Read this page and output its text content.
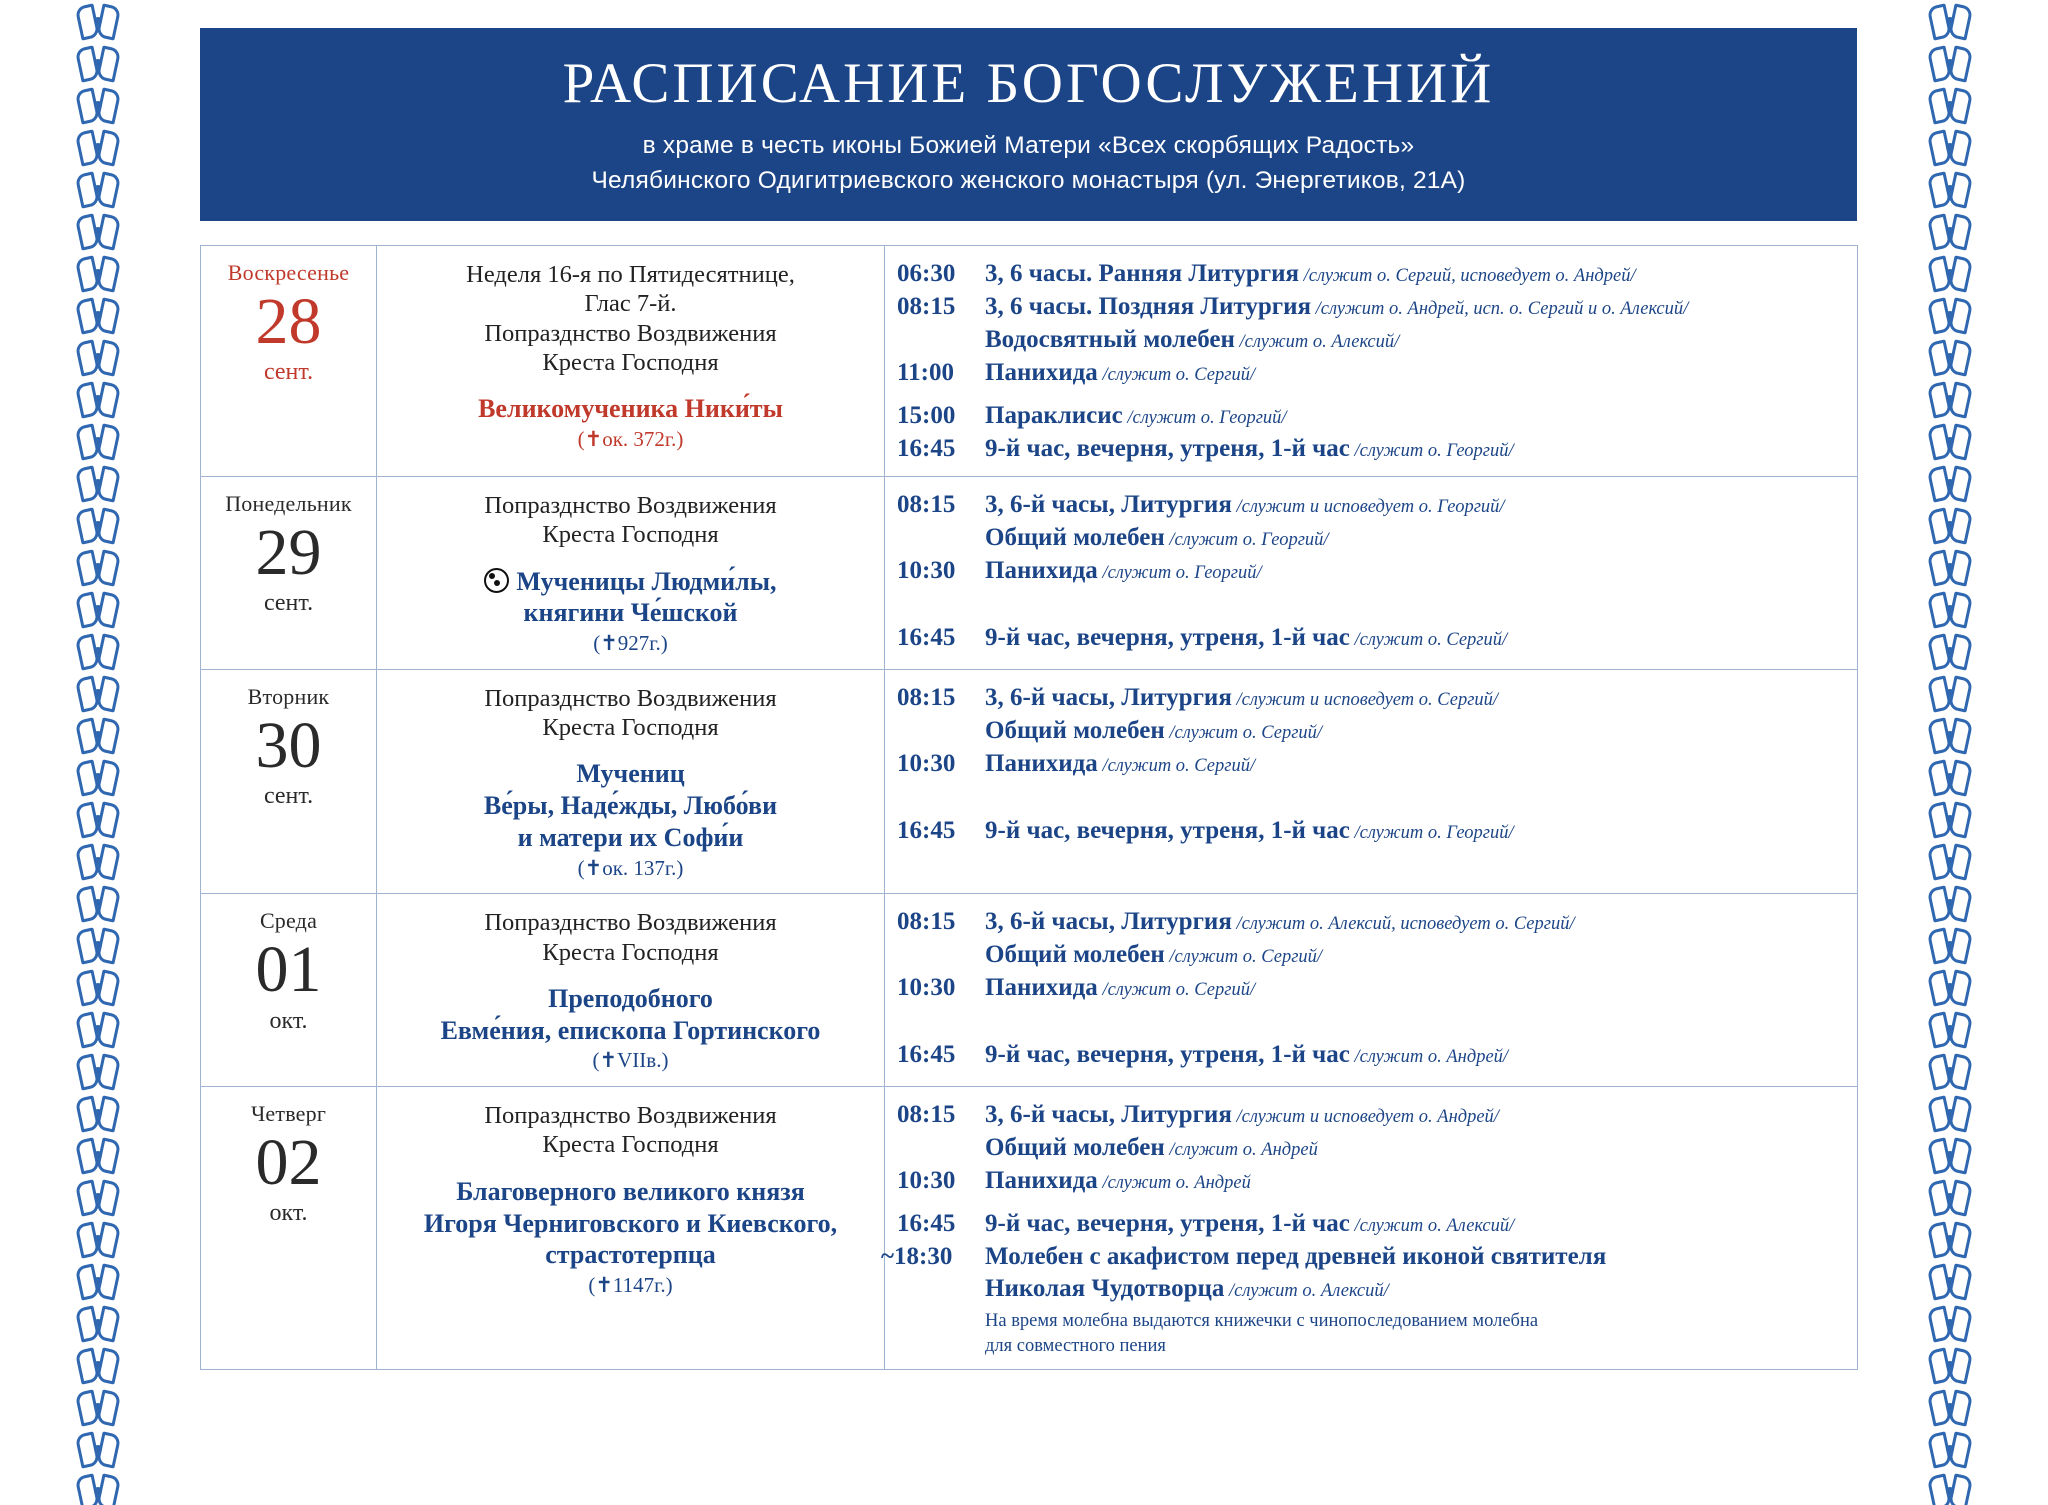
РАСПИСАНИЕ БОГОСЛУЖЕНИЙ
в храме в честь иконы Божией Матери «Всех скорбящих Радость»
Челябинского Одигитриевского женского монастыря (ул. Энергетиков, 21А)
Воскресенье
28
сент.

Неделя 16-я по Пятидесятнице,
Глас 7-й.
Попразднство Воздвижения
Креста Господня
Великомученика Ники́ты
(✝ок. 372г.)

06:30	3, 6 часы. Ранняя Литургия /служит о. Сергий, исповедует о. Андрей/
08:15	3, 6 часы. Поздняя Литургия /служит о. Андрей, исп. о. Сергий и о. Алексий/
Водосвятный молебен /служит о. Алексий/
11:00	Панихида /служит о. Сергий/
15:00	Параклисис /служит о. Георгий/
16:45	9-й час, вечерня, утреня, 1-й час /служит о. Георгий/

Понедельник
29
сент.

Попразднство Воздвижения
Креста Господня
Мученицы Людми́лы,
княгини Че́шской
(✝927г.)

08:15	3, 6-й часы, Литургия /служит и исповедует о. Георгий/
Общий молебен /служит о. Георгий/
10:30	Панихида /служит о. Георгий/
16:45	9-й час, вечерня, утреня, 1-й час /служит о. Сергий/

Вторник
30
сент.

Попразднство Воздвижения
Креста Господня
Мучениц
Ве́ры, Наде́жды, Любо́ви
и матери их Софи́и
(✝ок. 137г.)

08:15	3, 6-й часы, Литургия /служит и исповедует о. Сергий/
Общий молебен /служит о. Сергий/
10:30	Панихида /служит о. Сергий/
16:45	9-й час, вечерня, утреня, 1-й час /служит о. Георгий/

Среда
01
окт.

Попразднство Воздвижения
Креста Господня
Преподобного
Евме́ния, епископа Гортинского
(✝VIIв.)

08:15	3, 6-й часы, Литургия /служит о. Алексий, исповедует о. Сергий/
Общий молебен /служит о. Сергий/
10:30	Панихида /служит о. Сергий/
16:45	9-й час, вечерня, утреня, 1-й час /служит о. Андрей/

Четверг
02
окт.

Попразднство Воздвижения
Креста Господня
Благоверного великого князя
Игоря Черниговского и Киевского,
страстотерпца
(✝1147г.)

08:15	3, 6-й часы, Литургия /служит и исповедует о. Андрей/
Общий молебен /служит о. Андрей
10:30	Панихида /служит о. Андрей
16:45	9-й час, вечерня, утреня, 1-й час /служит о. Алексий/
~18:30	Молебен с акафистом перед древней иконой святителя
Николая Чудотворца /служит о. Алексий/
На время молебна выдаются книжечки с чинопоследованием молебна
для совместного пения
